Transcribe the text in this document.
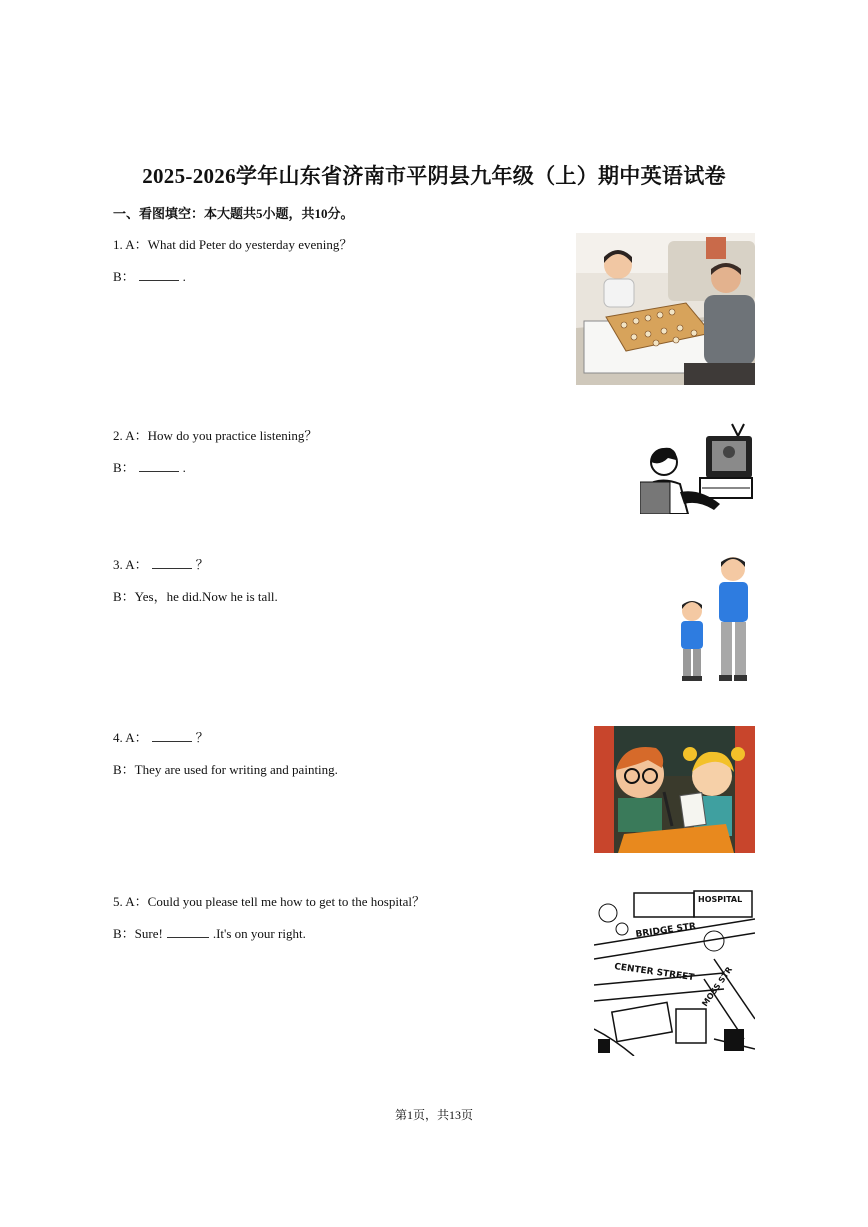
2025-2026学年山东省济南市平阴县九年级（上）期中英语试卷
一、看图填空：本大题共5小题，共10分。
1. A：What did Peter do yesterday evening？
B：	.
2. A：How do you practice listening？
B：	.
3. A：	？
B：Yes，he did.Now he is tall.
4. A：	？
B：They are used for writing and painting.
5. A：Could you please tell me how to get to the hospital？
B：Sure!	.It's on your right.
HOSPITAL
BRIDGE STR
CENTER STREET MOSS STR
第1页，共13页
